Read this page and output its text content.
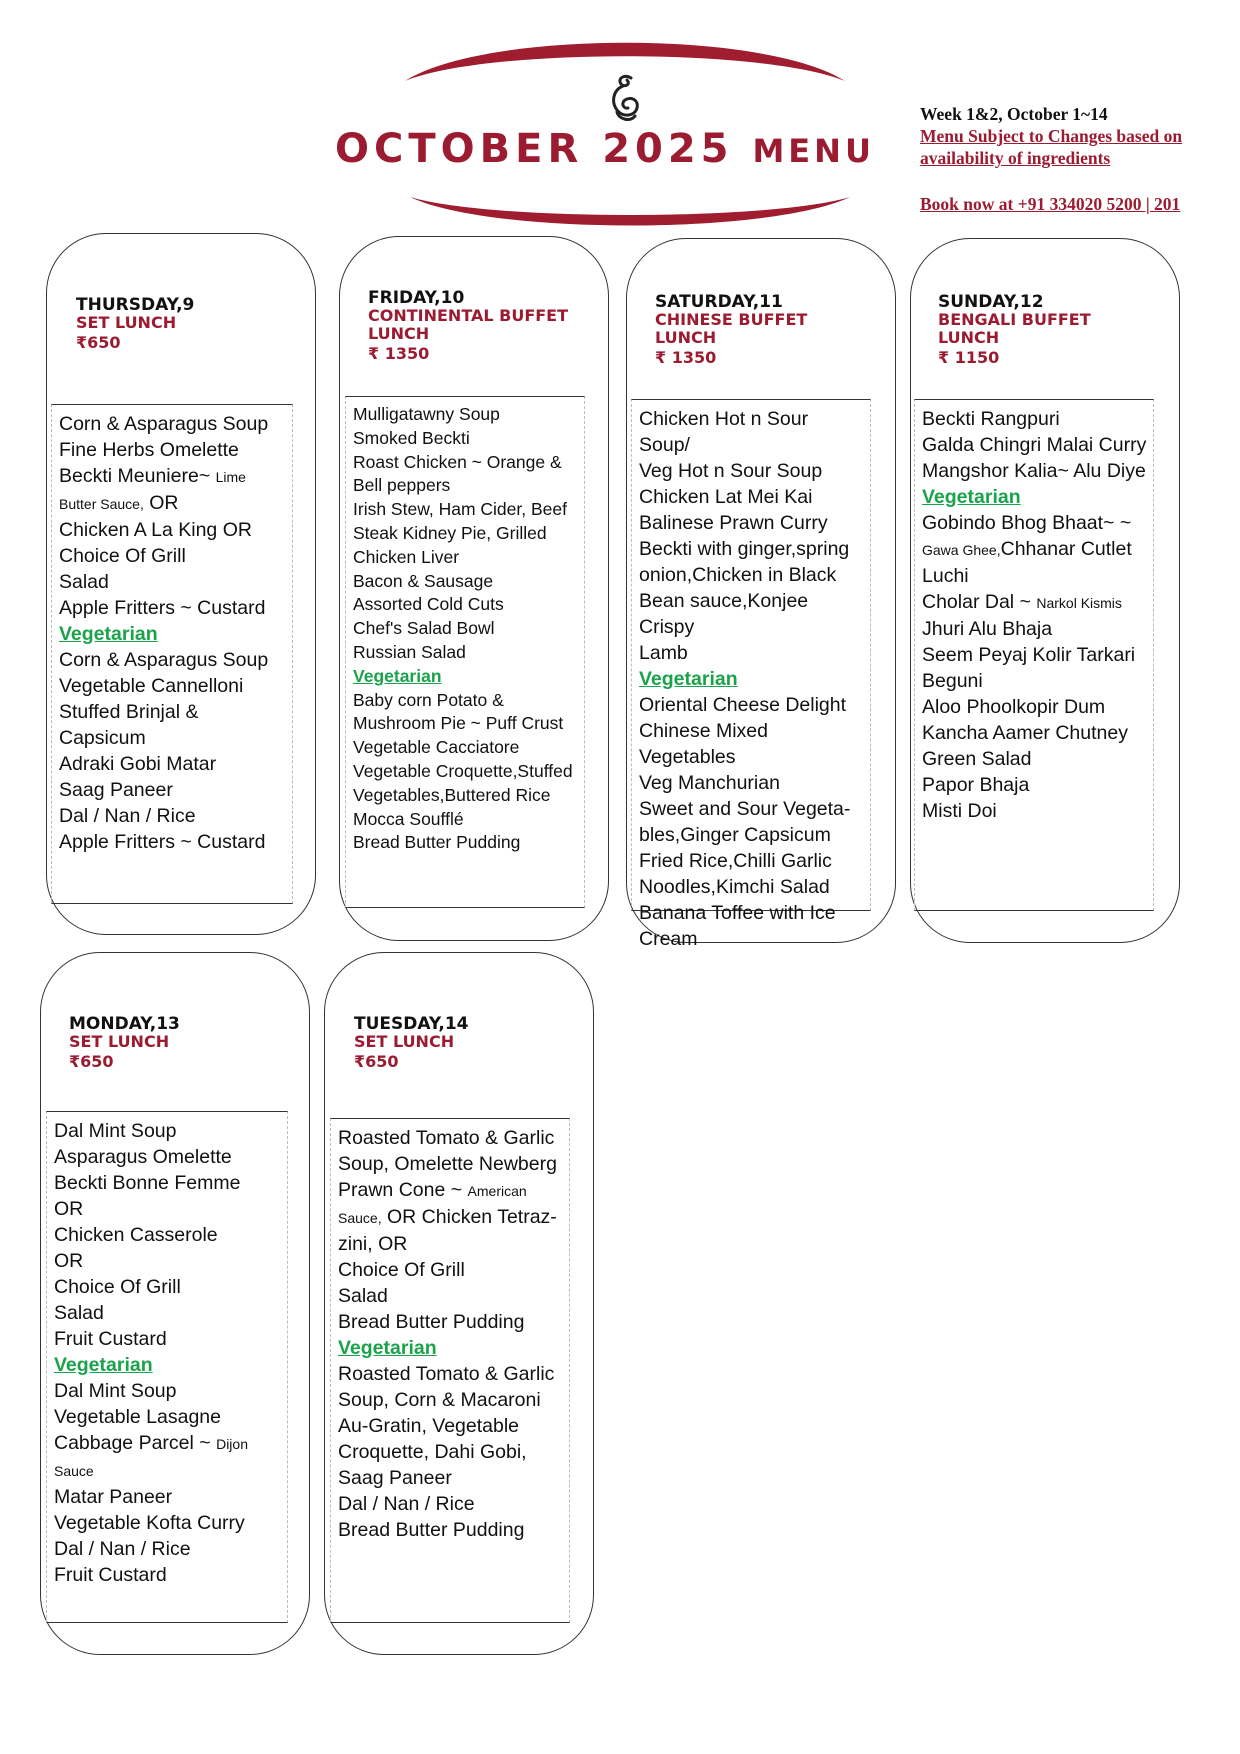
OCTOBER 2025 MENU
Week 1&2, October 1~14
Menu Subject to Changes based on availability of ingredients
Book now at +91 334020 5200 | 201
THURSDAY,9
SET LUNCH
₹650
Corn & Asparagus Soup
Fine Herbs Omelette
Beckti Meuniere~ Lime Butter Sauce, OR
Chicken A La King OR
Choice Of Grill
Salad
Apple Fritters ~ Custard
Vegetarian
Corn & Asparagus Soup
Vegetable Cannelloni
Stuffed Brinjal & Capsicum
Adraki Gobi Matar
Saag Paneer
Dal / Nan / Rice
Apple Fritters ~ Custard
FRIDAY,10
CONTINENTAL BUFFET LUNCH
₹ 1350
Mulligatawny Soup
Smoked Beckti
Roast Chicken ~ Orange &
Bell peppers
Irish Stew, Ham Cider, Beef
Steak Kidney Pie, Grilled
Chicken Liver
Bacon & Sausage
Assorted Cold Cuts
Chef's Salad Bowl
Russian Salad
Vegetarian
Baby corn Potato &
Mushroom Pie ~ Puff Crust
Vegetable Cacciatore
Vegetable Croquette,Stuffed
Vegetables,Buttered Rice
Mocca Soufflé
Bread Butter Pudding
SATURDAY,11
CHINESE BUFFET LUNCH
₹ 1350
Chicken Hot n Sour Soup/
Veg Hot n Sour Soup
Chicken Lat Mei Kai
Balinese Prawn Curry
Beckti with ginger,spring
onion,Chicken in Black
Bean sauce,Konjee Crispy
Lamb
Vegetarian
Oriental Cheese Delight
Chinese Mixed Vegetables
Veg Manchurian
Sweet and Sour Vegeta-
bles,Ginger Capsicum
Fried Rice,Chilli Garlic
Noodles,Kimchi Salad
Banana Toffee with Ice
Cream
SUNDAY,12
BENGALI BUFFET LUNCH
₹ 1150
Beckti Rangpuri
Galda Chingri Malai Curry
Mangshor Kalia~ Alu Diye
Vegetarian
Gobindo Bhog Bhaat~ ~
Gawa Ghee,Chhanar Cutlet
Luchi
Cholar Dal ~ Narkol Kismis
Jhuri Alu Bhaja
Seem Peyaj Kolir Tarkari
Beguni
Aloo Phoolkopir Dum
Kancha Aamer Chutney
Green Salad
Papor Bhaja
Misti Doi
MONDAY,13
SET LUNCH
₹650
Dal Mint Soup
Asparagus Omelette
Beckti Bonne Femme
OR
Chicken Casserole
OR
Choice Of Grill
Salad
Fruit Custard
Vegetarian
Dal Mint Soup
Vegetable Lasagne
Cabbage Parcel ~ Dijon Sauce
Matar Paneer
Vegetable Kofta Curry
Dal / Nan / Rice
Fruit Custard
TUESDAY,14
SET LUNCH
₹650
Roasted Tomato & Garlic
Soup, Omelette Newberg
Prawn Cone ~ American Sauce, OR Chicken Tetraz-
zini, OR
Choice Of Grill
Salad
Bread Butter Pudding
Vegetarian
Roasted Tomato & Garlic
Soup, Corn & Macaroni
Au-Gratin, Vegetable
Croquette, Dahi Gobi,
Saag Paneer
Dal / Nan / Rice
Bread Butter Pudding
